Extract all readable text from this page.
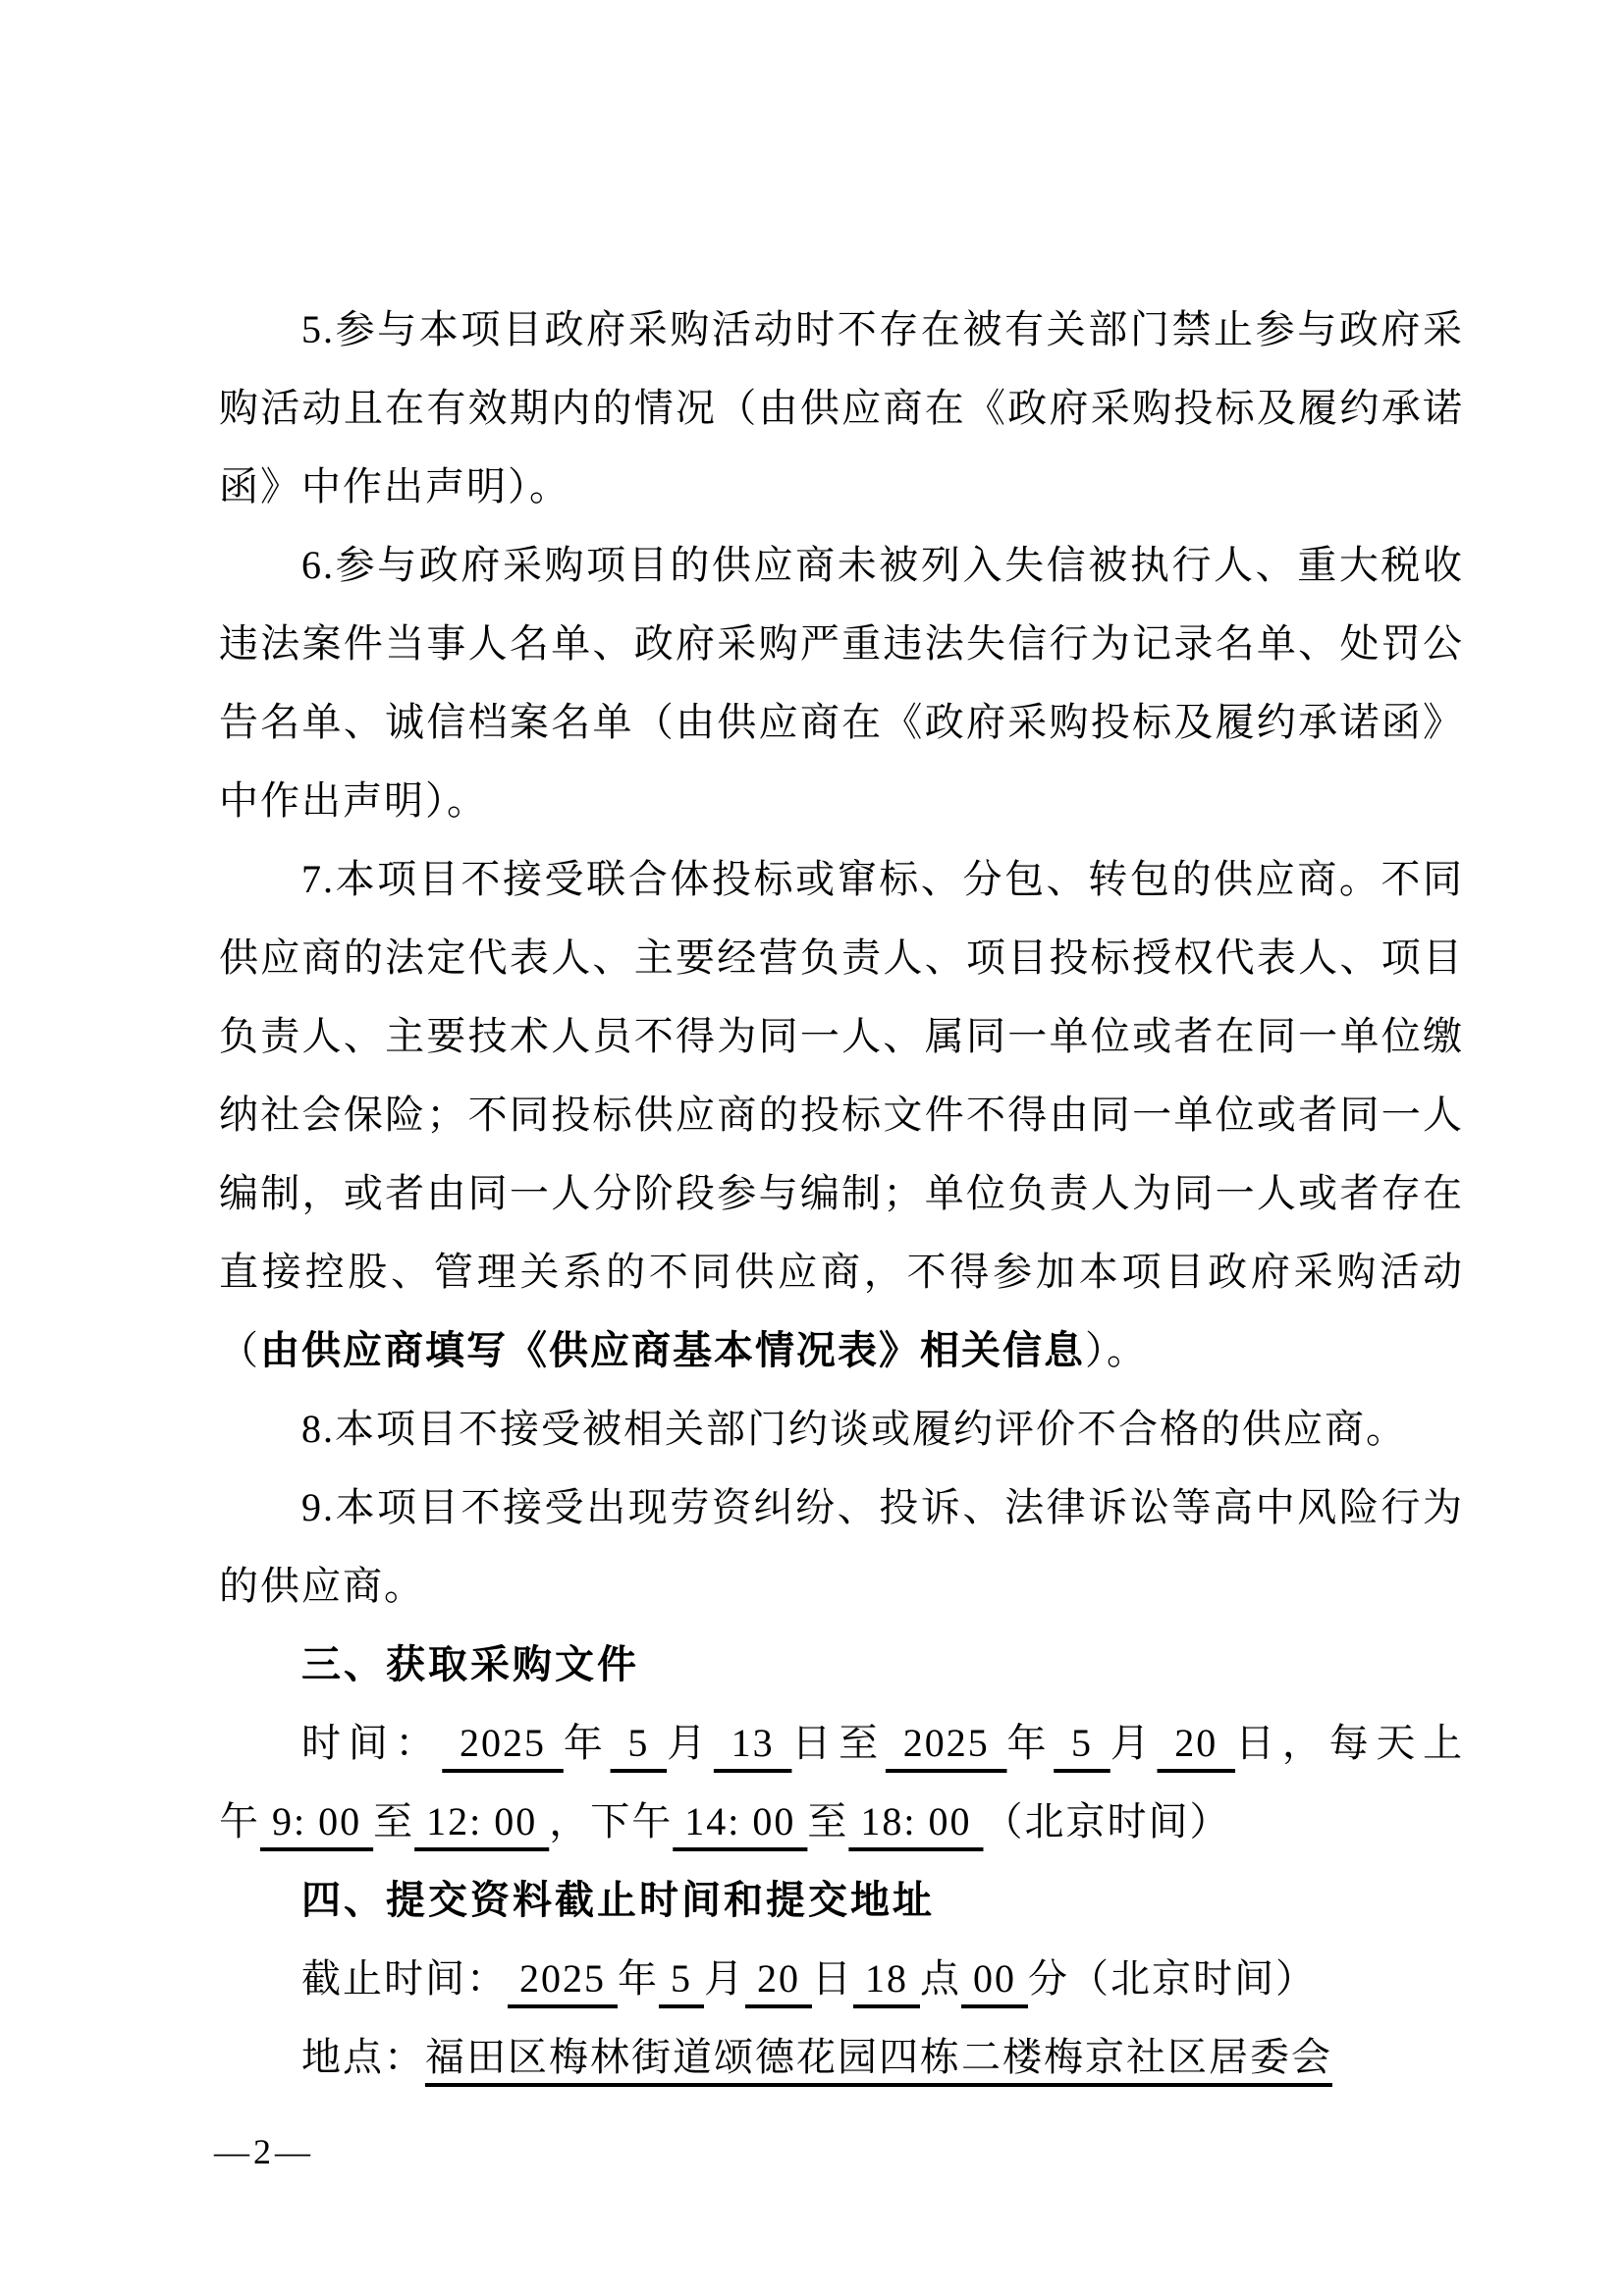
5.参与本项目政府采购活动时不存在被有关部门禁止参与政府采购活动且在有效期内的情况（由供应商在《政府采购投标及履约承诺函》中作出声明）。

6.参与政府采购项目的供应商未被列入失信被执行人、重大税收违法案件当事人名单、政府采购严重违法失信行为记录名单、处罚公告名单、诚信档案名单（由供应商在《政府采购投标及履约承诺函》中作出声明）。

7.本项目不接受联合体投标或窜标、分包、转包的供应商。不同供应商的法定代表人、主要经营负责人、项目投标授权代表人、项目负责人、主要技术人员不得为同一人、属同一单位或者在同一单位缴纳社会保险；不同投标供应商的投标文件不得由同一单位或者同一人编制，或者由同一人分阶段参与编制；单位负责人为同一人或者存在直接控股、管理关系的不同供应商，不得参加本项目政府采购活动（由供应商填写《供应商基本情况表》相关信息）。

8.本项目不接受被相关部门约谈或履约评价不合格的供应商。

9.本项目不接受出现劳资纠纷、投诉、法律诉讼等高中风险行为的供应商。

三、获取采购文件

时间： 2025 年 5 月 13 日至 2025 年 5 月 20 日，每天上午 9: 00 至 12: 00 ，下午 14: 00 至 18: 00 （北京时间）

四、提交资料截止时间和提交地址

截止时间： 2025 年 5 月 20 日 18 点 00 分（北京时间）

地点：福田区梅林街道颂德花园四栋二楼梅京社区居委会

—2—
